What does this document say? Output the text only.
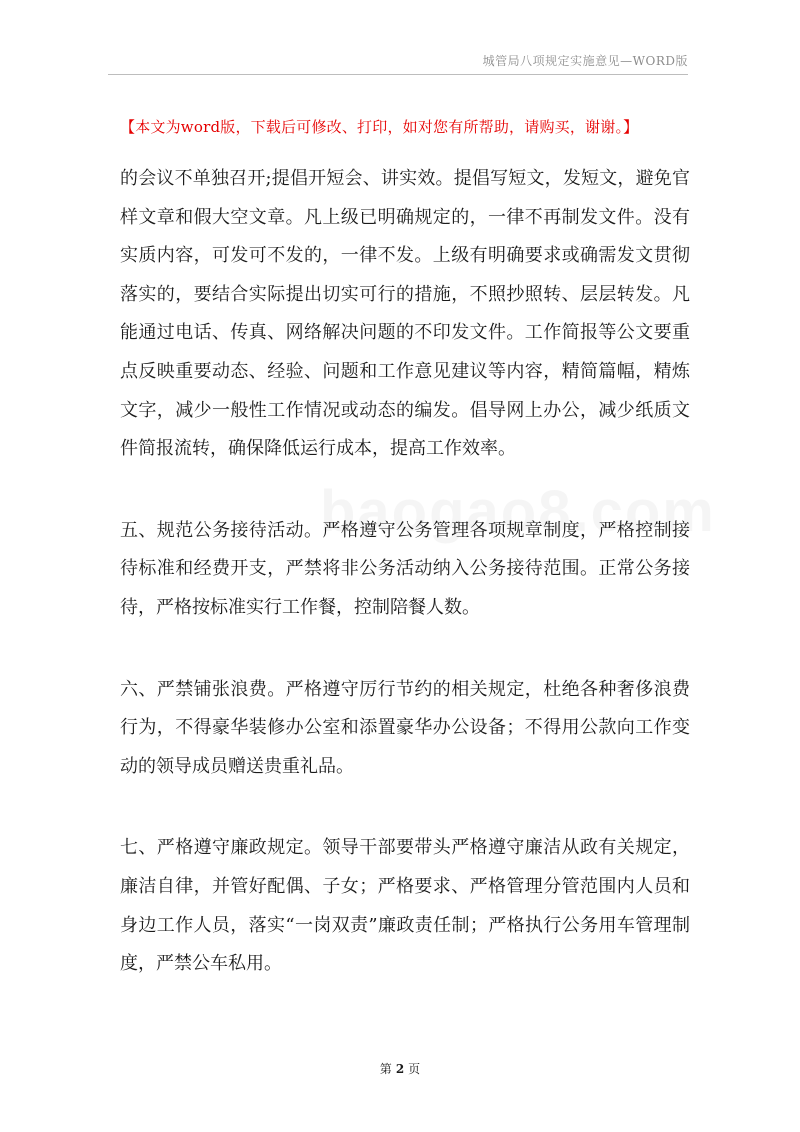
城管局八项规定实施意见—WORD版
【本文为word版，下载后可修改、打印，如对您有所帮助，请购买，谢谢。】

的会议不单独召开;提倡开短会、讲实效。提倡写短文，发短文，避免官样文章和假大空文章。凡上级已明确规定的，一律不再制发文件。没有实质内容，可发可不发的，一律不发。上级有明确要求或确需发文贯彻落实的，要结合实际提出切实可行的措施，不照抄照转、层层转发。凡能通过电话、传真、网络解决问题的不印发文件。工作简报等公文要重点反映重要动态、经验、问题和工作意见建议等内容，精简篇幅，精炼文字，减少一般性工作情况或动态的编发。倡导网上办公，减少纸质文件简报流转，确保降低运行成本，提高工作效率。

五、规范公务接待活动。严格遵守公务管理各项规章制度，严格控制接待标准和经费开支，严禁将非公务活动纳入公务接待范围。正常公务接待，严格按标准实行工作餐，控制陪餐人数。

六、严禁铺张浪费。严格遵守厉行节约的相关规定，杜绝各种奢侈浪费行为，不得豪华装修办公室和添置豪华办公设备；不得用公款向工作变动的领导成员赠送贵重礼品。

七、严格遵守廉政规定。领导干部要带头严格遵守廉洁从政有关规定，廉洁自律，并管好配偶、子女；严格要求、严格管理分管范围内人员和身边工作人员，落实“一岗双责”廉政责任制；严格执行公务用车管理制度，严禁公车私用。

第 2 页
